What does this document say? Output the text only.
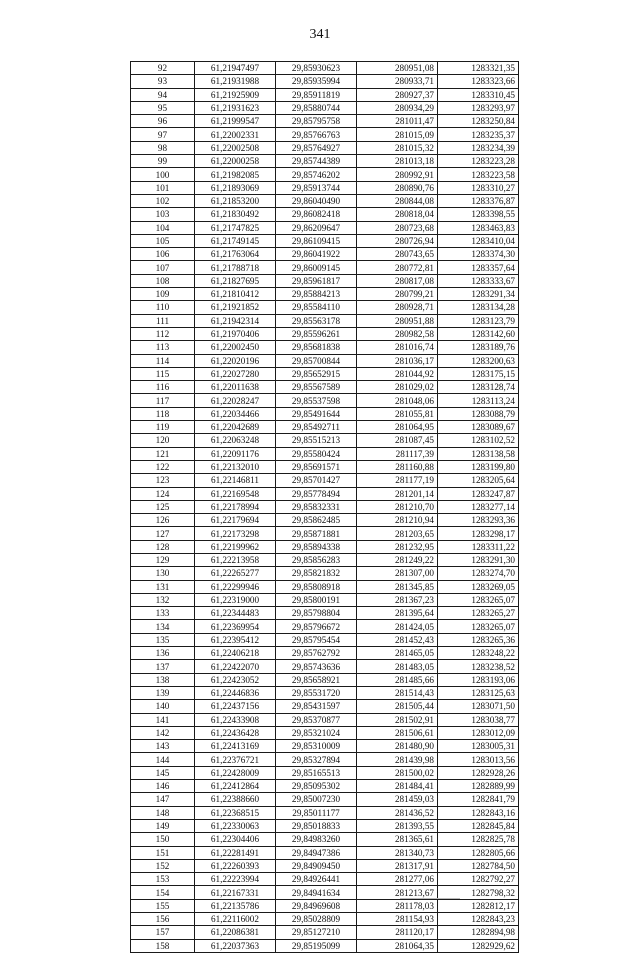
341
92	61,21947497	29,85930623	280951,08	1283321,35
93	61,21931988	29,85935994	280933,71	1283323,66
94	61,21925909	29,85911819	280927,37	1283310,45
95	61,21931623	29,85880744	280934,29	1283293,97
96	61,21999547	29,85795758	281011,47	1283250,84
97	61,22002331	29,85766763	281015,09	1283235,37
98	61,22002508	29,85764927	281015,32	1283234,39
99	61,22000258	29,85744389	281013,18	1283223,28
100	61,21982085	29,85746202	280992,91	1283223,58
101	61,21893069	29,85913744	280890,76	1283310,27
102	61,21853200	29,86040490	280844,08	1283376,87
103	61,21830492	29,86082418	280818,04	1283398,55
104	61,21747825	29,86209647	280723,68	1283463,83
105	61,21749145	29,86109415	280726,94	1283410,04
106	61,21763064	29,86041922	280743,65	1283374,30
107	61,21788718	29,86009145	280772,81	1283357,64
108	61,21827695	29,85961817	280817,08	1283333,67
109	61,21810412	29,85884213	280799,21	1283291,34
110	61,21921852	29,85584110	280928,71	1283134,28
111	61,21942314	29,85563178	280951,88	1283123,79
112	61,21970406	29,85596261	280982,58	1283142,60
113	61,22002450	29,85681838	281016,74	1283189,76
114	61,22020196	29,85700844	281036,17	1283200,63
115	61,22027280	29,85652915	281044,92	1283175,15
116	61,22011638	29,85567589	281029,02	1283128,74
117	61,22028247	29,85537598	281048,06	1283113,24
118	61,22034466	29,85491644	281055,81	1283088,79
119	61,22042689	29,85492711	281064,95	1283089,67
120	61,22063248	29,85515213	281087,45	1283102,52
121	61,22091176	29,85580424	281117,39	1283138,58
122	61,22132010	29,85691571	281160,88	1283199,80
123	61,22146811	29,85701427	281177,19	1283205,64
124	61,22169548	29,85778494	281201,14	1283247,87
125	61,22178994	29,85832331	281210,70	1283277,14
126	61,22179694	29,85862485	281210,94	1283293,36
127	61,22173298	29,85871881	281203,65	1283298,17
128	61,22199962	29,85894338	281232,95	1283311,22
129	61,22213958	29,85856283	281249,22	1283291,30
130	61,22265277	29,85821832	281307,00	1283274,70
131	61,22299946	29,85808918	281345,85	1283269,05
132	61,22319000	29,85800191	281367,23	1283265,07
133	61,22344483	29,85798804	281395,64	1283265,27
134	61,22369954	29,85796672	281424,05	1283265,07
135	61,22395412	29,85795454	281452,43	1283265,36
136	61,22406218	29,85762792	281465,05	1283248,22
137	61,22422070	29,85743636	281483,05	1283238,52
138	61,22423052	29,85658921	281485,66	1283193,06
139	61,22446836	29,85531720	281514,43	1283125,63
140	61,22437156	29,85431597	281505,44	1283071,50
141	61,22433908	29,85370877	281502,91	1283038,77
142	61,22436428	29,85321024	281506,61	1283012,09
143	61,22413169	29,85310009	281480,90	1283005,31
144	61,22376721	29,85327894	281439,98	1283013,56
145	61,22428009	29,85165513	281500,02	1282928,26
146	61,22412864	29,85095302	281484,41	1282889,99
147	61,22388660	29,85007230	281459,03	1282841,79
148	61,22368515	29,85011177	281436,52	1282843,16
149	61,22330063	29,85018833	281393,55	1282845,84
150	61,22304406	29,84983260	281365,61	1282825,78
151	61,22281491	29,84947386	281340,73	1282805,66
152	61,22260393	29,84909450	281317,91	1282784,50
153	61,22223994	29,84926441	281277,06	1282792,27
154	61,22167331	29,84941634	281213,67	1282798,32
155	61,22135786	29,84969608	281178,03	1282812,17
156	61,22116002	29,85028809	281154,93	1282843,23
157	61,22086381	29,85127210	281120,17	1282894,98
158	61,22037363	29,85195099	281064,35	1282929,62
